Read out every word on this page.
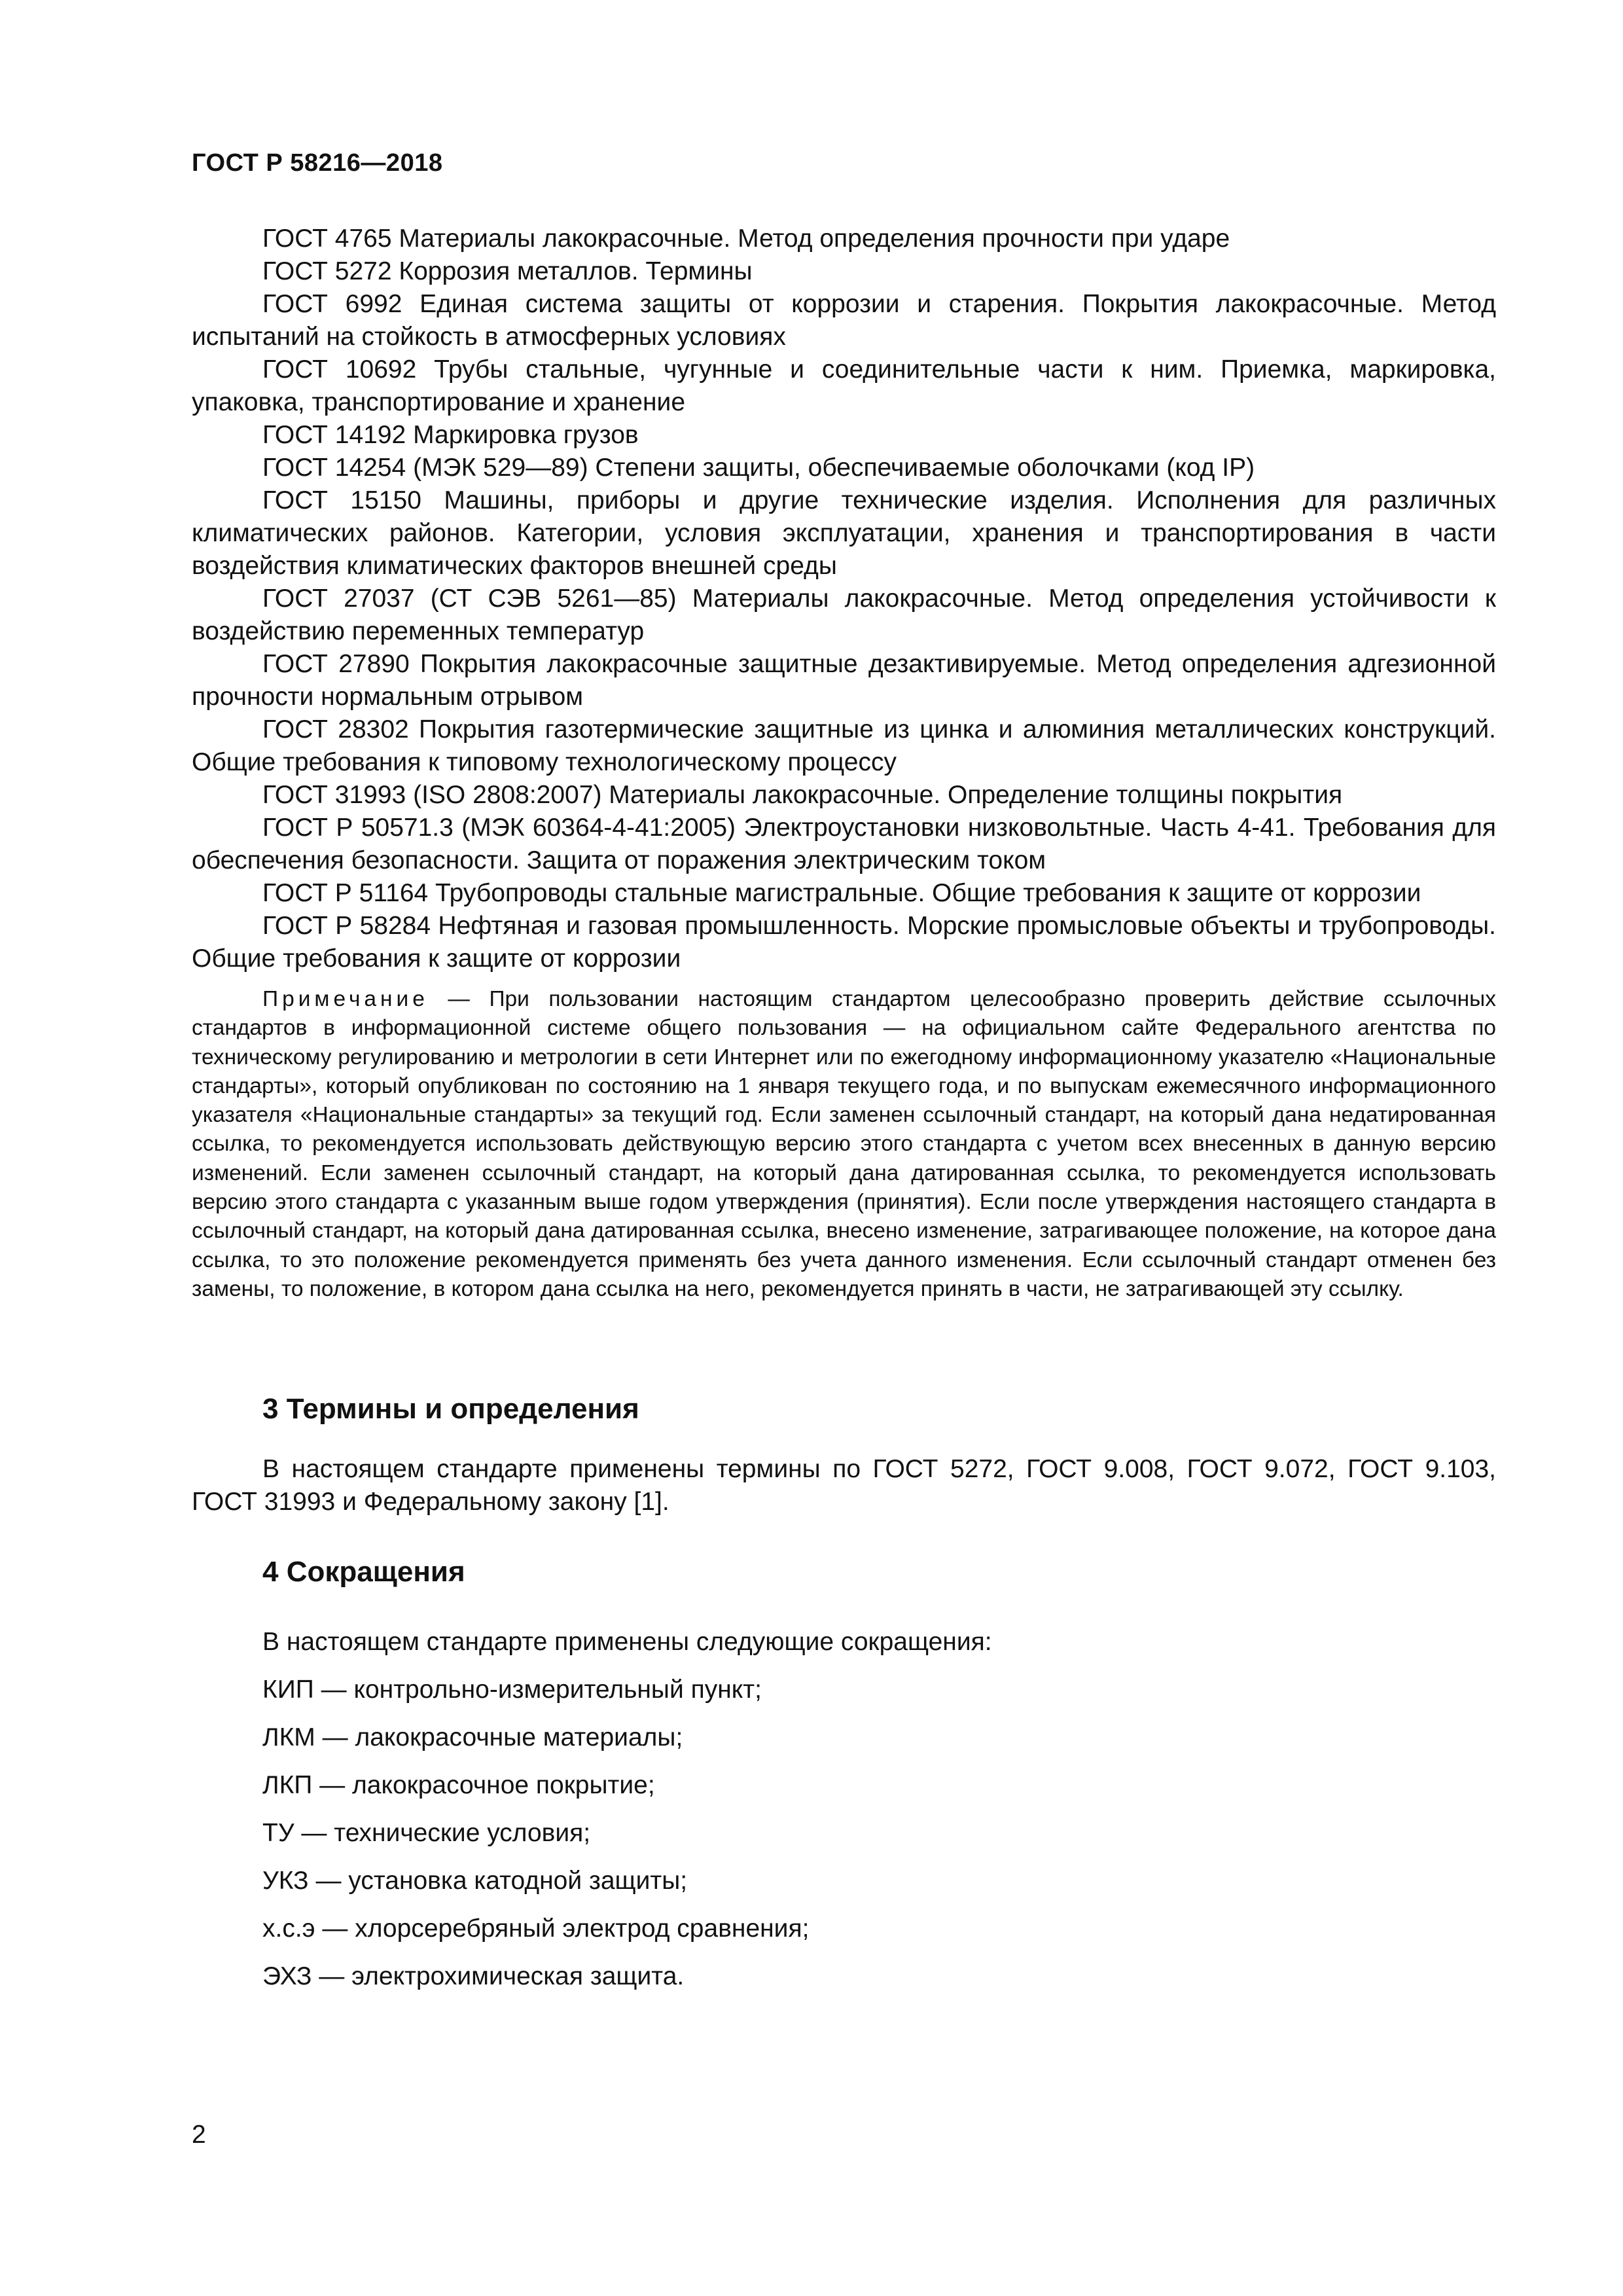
ГОСТ Р 58216—2018

ГОСТ 4765 Материалы лакокрасочные. Метод определения прочности при ударе

ГОСТ 5272 Коррозия металлов. Термины

ГОСТ 6992 Единая система защиты от коррозии и старения. Покрытия лакокрасочные. Метод испытаний на стойкость в атмосферных условиях

ГОСТ 10692 Трубы стальные, чугунные и соединительные части к ним. Приемка, маркировка, упаковка, транспортирование и хранение

ГОСТ 14192 Маркировка грузов

ГОСТ 14254 (МЭК 529—89) Степени защиты, обеспечиваемые оболочками (код IP)

ГОСТ 15150 Машины, приборы и другие технические изделия. Исполнения для различных климатических районов. Категории, условия эксплуатации, хранения и транспортирования в части воздействия климатических факторов внешней среды

ГОСТ 27037 (СТ СЭВ 5261—85) Материалы лакокрасочные. Метод определения устойчивости к воздействию переменных температур

ГОСТ 27890 Покрытия лакокрасочные защитные дезактивируемые. Метод определения адгезионной прочности нормальным отрывом

ГОСТ 28302 Покрытия газотермические защитные из цинка и алюминия металлических конструкций. Общие требования к типовому технологическому процессу

ГОСТ 31993 (ISO 2808:2007) Материалы лакокрасочные. Определение толщины покрытия

ГОСТ Р 50571.3 (МЭК 60364-4-41:2005) Электроустановки низковольтные. Часть 4-41. Требования для обеспечения безопасности. Защита от поражения электрическим током

ГОСТ Р 51164 Трубопроводы стальные магистральные. Общие требования к защите от коррозии

ГОСТ Р 58284 Нефтяная и газовая промышленность. Морские промысловые объекты и трубопроводы. Общие требования к защите от коррозии

Примечание — При пользовании настоящим стандартом целесообразно проверить действие ссылочных стандартов в информационной системе общего пользования — на официальном сайте Федерального агентства по техническому регулированию и метрологии в сети Интернет или по ежегодному информационному указателю «Национальные стандарты», который опубликован по состоянию на 1 января текущего года, и по выпускам ежемесячного информационного указателя «Национальные стандарты» за текущий год. Если заменен ссылочный стандарт, на который дана недатированная ссылка, то рекомендуется использовать действующую версию этого стандарта с учетом всех внесенных в данную версию изменений. Если заменен ссылочный стандарт, на который дана датированная ссылка, то рекомендуется использовать версию этого стандарта с указанным выше годом утверждения (принятия). Если после утверждения настоящего стандарта в ссылочный стандарт, на который дана датированная ссылка, внесено изменение, затрагивающее положение, на которое дана ссылка, то это положение рекомендуется применять без учета данного изменения. Если ссылочный стандарт отменен без замены, то положение, в котором дана ссылка на него, рекомендуется принять в части, не затрагивающей эту ссылку.

3 Термины и определения

В настоящем стандарте применены термины по ГОСТ 5272, ГОСТ 9.008, ГОСТ 9.072, ГОСТ 9.103, ГОСТ 31993 и Федеральному закону [1].

4 Сокращения
В настоящем стандарте применены следующие сокращения:
КИП — контрольно-измерительный пункт;
ЛКМ — лакокрасочные материалы;
ЛКП — лакокрасочное покрытие;
ТУ — технические условия;
УКЗ — установка катодной защиты;
х.с.э — хлорсеребряный электрод сравнения;
ЭХЗ — электрохимическая защита.

2
